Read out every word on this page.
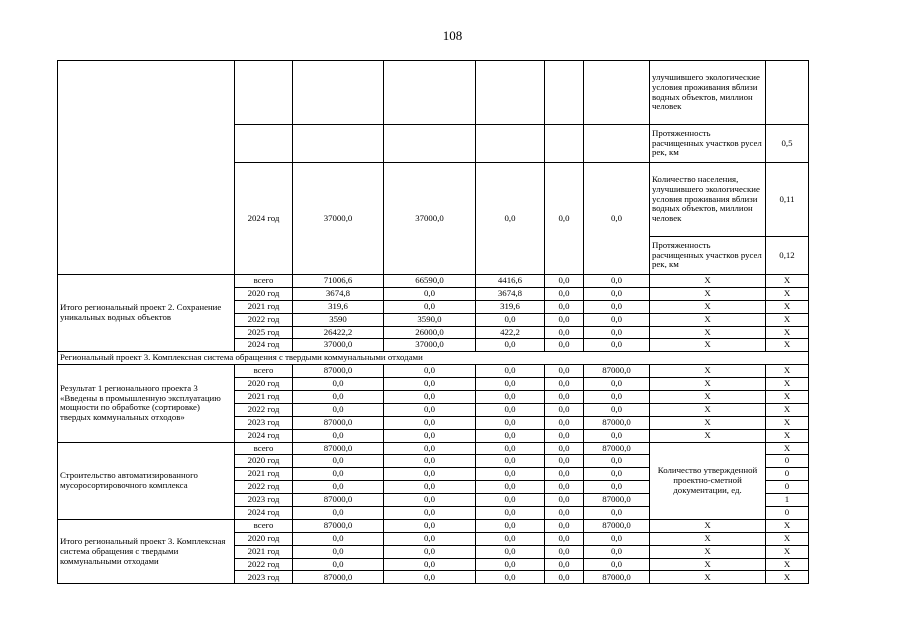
108
							улучшившего экологические условия проживания вблизи водных объектов, миллион человек	
							Протяженность расчищенных участков русел рек, км	0,5
	2024 год	37000,0	37000,0	0,0	0,0	0,0	Количество населения, улучшившего экологические условия проживания вблизи водных объектов, миллион человек	0,11
							Протяженность расчищенных участков русел рек, км	0,12
Итого региональный проект 2. Сохранение уникальных водных объектов	всего	71006,6	66590,0	4416,6	0,0	0,0	Х	Х
	2020 год	3674,8	0,0	3674,8	0,0	0,0	Х	Х
	2021 год	319,6	0,0	319,6	0,0	0,0	Х	Х
	2022 год	3590	3590,0	0,0	0,0	0,0	Х	Х
	2025 год	26422,2	26000,0	422,2	0,0	0,0	Х	Х
	2024 год	37000,0	37000,0	0,0	0,0	0,0	Х	Х
Региональный проект 3. Комплексная система обращения с твердыми коммунальными отходами								
Результат 1 регионального проекта 3 «Введены в промышленную эксплуатацию мощности по обработке (сортировке) твердых коммунальных отходов»	всего	87000,0	0,0	0,0	0,0	87000,0	Х	Х
	2020 год	0,0	0,0	0,0	0,0	0,0	Х	Х
	2021 год	0,0	0,0	0,0	0,0	0,0	Х	Х
	2022 год	0,0	0,0	0,0	0,0	0,0	Х	Х
	2023 год	87000,0	0,0	0,0	0,0	87000,0	Х	Х
	2024 год	0,0	0,0	0,0	0,0	0,0	Х	Х
Строительство автоматизированного мусоросортировочного комплекса	всего	87000,0	0,0	0,0	0,0	87000,0	Количество утвержденной проектно-сметной документации, ед.	Х
	2020 год	0,0	0,0	0,0	0,0	0,0		0
	2021 год	0,0	0,0	0,0	0,0	0,0		0
	2022 год	0,0	0,0	0,0	0,0	0,0		0
	2023 год	87000,0	0,0	0,0	0,0	87000,0		1
	2024 год	0,0	0,0	0,0	0,0	0,0		0
Итого региональный проект 3. Комплексная система обращения с твердыми коммунальными отходами	всего	87000,0	0,0	0,0	0,0	87000,0	Х	Х
	2020 год	0,0	0,0	0,0	0,0	0,0	Х	Х
	2021 год	0,0	0,0	0,0	0,0	0,0	Х	Х
	2022 год	0,0	0,0	0,0	0,0	0,0	Х	Х
	2023 год	87000,0	0,0	0,0	0,0	87000,0	Х	Х
